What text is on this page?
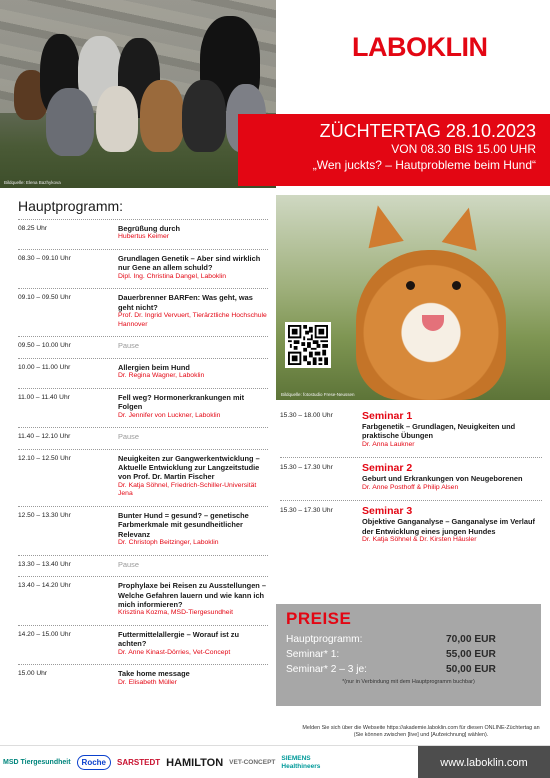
Bildquelle: Elena Bazhykova
LABOKLIN
ZÜCHTERTAG 28.10.2023
VON 08.30 BIS 15.00 UHR
„Wen juckts? – Hautprobleme beim Hund“
Hauptprogramm:
08.25 Uhr	Begrüßung durch
Hubertus Keimer
08.30 – 09.10 Uhr	Grundlagen Genetik – Aber sind wirklich nur Gene an allem schuld?
Dipl. Ing. Christina Dangel, Laboklin
09.10 – 09.50 Uhr	Dauerbrenner BARFen: Was geht, was geht nicht?
Prof. Dr. Ingrid Vervuert, Tierärztliche Hochschule Hannover
09.50 – 10.00 Uhr	Pause
10.00 – 11.00 Uhr	Allergien beim Hund
Dr. Regina Wagner, Laboklin
11.00 – 11.40 Uhr	Fell weg? Hormonerkrankungen mit Folgen
Dr. Jennifer von Luckner, Laboklin
11.40 – 12.10 Uhr	Pause
12.10 – 12.50 Uhr	Neuigkeiten zur Gangwerkentwicklung – Aktuelle Entwicklung zur Langzeitstudie von Prof. Dr. Martin Fischer
Dr. Katja Söhnel, Friedrich-Schiller-Universität Jena
12.50 – 13.30 Uhr	Bunter Hund = gesund? – genetische Farbmerkmale mit gesundheitlicher Relevanz
Dr. Christoph Beitzinger, Laboklin
13.30 – 13.40 Uhr	Pause
13.40 – 14.20 Uhr	Prophylaxe bei Reisen zu Ausstellungen – Welche Gefahren lauern und wie kann ich mich informieren?
Krisztina Kozma, MSD-Tiergesundheit
14.20 – 15.00 Uhr	Futtermittelallergie – Worauf ist zu achten?
Dr. Anne Kinast-Dörries, Vet-Concept
15.00 Uhr	Take home message
Dr. Elisabeth Müller
Bildquelle: fotostudio Frese-Neussen
15.30 – 18.00 Uhr	Seminar 1
Farbgenetik – Grundlagen, Neuigkeiten und praktische Übungen
Dr. Anna Laukner
15.30 – 17.30 Uhr	Seminar 2
Geburt und Erkrankungen von Neugeborenen
Dr. Anne Posthoff & Philip Alsen
15.30 – 17.30 Uhr	Seminar 3
Objektive Ganganalyse – Ganganalyse im Verlauf der Entwicklung eines jungen Hundes
Dr. Katja Söhnel & Dr. Kirsten Häusler
PREISE
Hauptprogramm:	70,00 EUR
Seminar* 1:	55,00 EUR
Seminar* 2 – 3 je:	50,00 EUR
*(nur in Verbindung mit dem Hauptprogramm buchbar)
Melden Sie sich über die Webseite https://akademie.laboklin.com für diesen ONLINE-Züchtertag an (Sie können zwischen [live] und [Aufzeichnung] wählen).
MSD Tiergesundheit	Roche	SARSTEDT HAMILTON VET-CONCEPT
SIEMENS Healthineers	www.laboklin.com
